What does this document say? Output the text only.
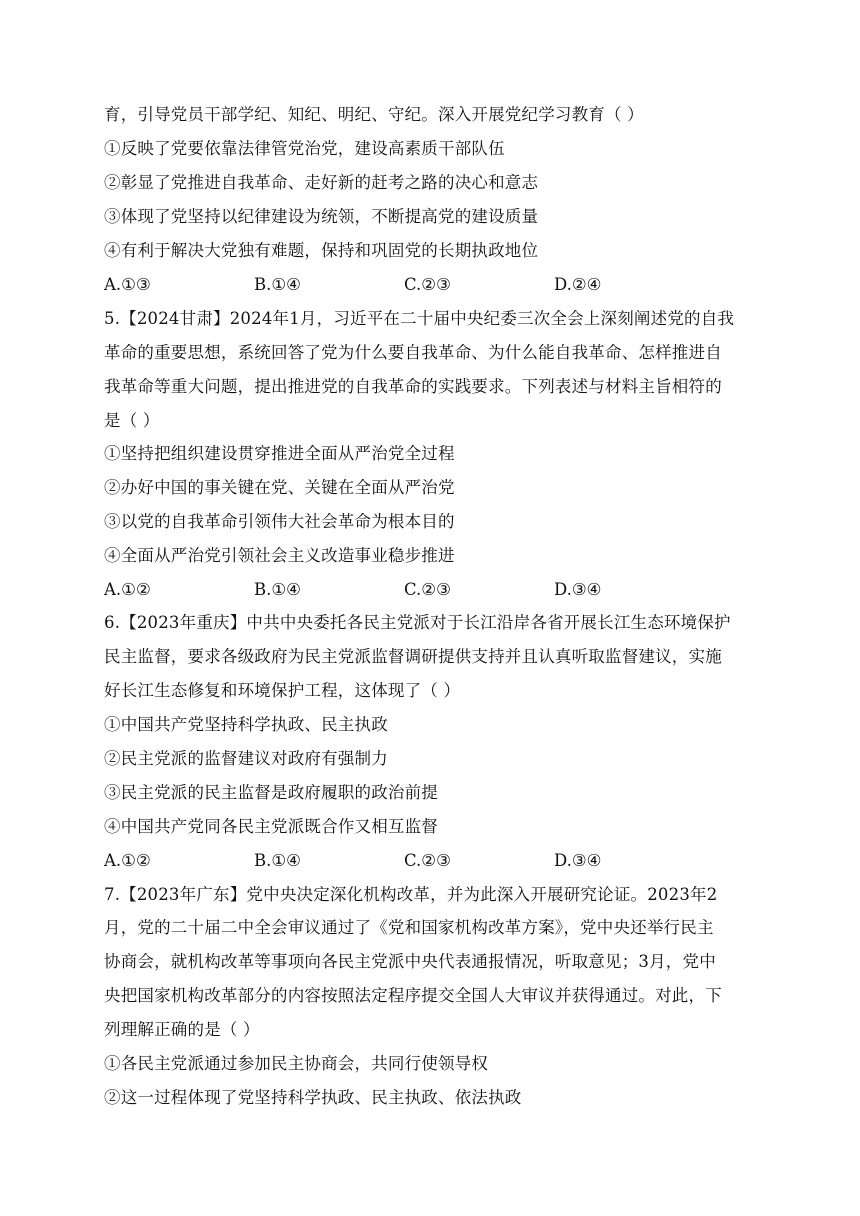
育，引导党员干部学纪、知纪、明纪、守纪。深入开展党纪学习教育（ ）
①反映了党要依靠法律管党治党，建设高素质干部队伍
②彰显了党推进自我革命、走好新的赶考之路的决心和意志
③体现了党坚持以纪律建设为统领，不断提高党的建设质量
④有利于解决大党独有难题，保持和巩固党的长期执政地位
A.①③	B.①④	C.②③	D.②④
5.【2024甘肃】2024年1月，习近平在二十届中央纪委三次全会上深刻阐述党的自我
革命的重要思想，系统回答了党为什么要自我革命、为什么能自我革命、怎样推进自
我革命等重大问题，提出推进党的自我革命的实践要求。下列表述与材料主旨相符的
是（ ）
①坚持把组织建设贯穿推进全面从严治党全过程
②办好中国的事关键在党、关键在全面从严治党
③以党的自我革命引领伟大社会革命为根本目的
④全面从严治党引领社会主义改造事业稳步推进
A.①②	B.①④	C.②③	D.③④
6.【2023年重庆】中共中央委托各民主党派对于长江沿岸各省开展长江生态环境保护
民主监督，要求各级政府为民主党派监督调研提供支持并且认真听取监督建议，实施
好长江生态修复和环境保护工程，这体现了（ ）
①中国共产党坚持科学执政、民主执政
②民主党派的监督建议对政府有强制力
③民主党派的民主监督是政府履职的政治前提
④中国共产党同各民主党派既合作又相互监督
A.①②	B.①④	C.②③	D.③④
7.【2023年广东】党中央决定深化机构改革，并为此深入开展研究论证。2023年2
月，党的二十届二中全会审议通过了《党和国家机构改革方案》，党中央还举行民主
协商会，就机构改革等事项向各民主党派中央代表通报情况，听取意见；3月，党中
央把国家机构改革部分的内容按照法定程序提交全国人大审议并获得通过。对此，下
列理解正确的是（ ）
①各民主党派通过参加民主协商会，共同行使领导权
②这一过程体现了党坚持科学执政、民主执政、依法执政
